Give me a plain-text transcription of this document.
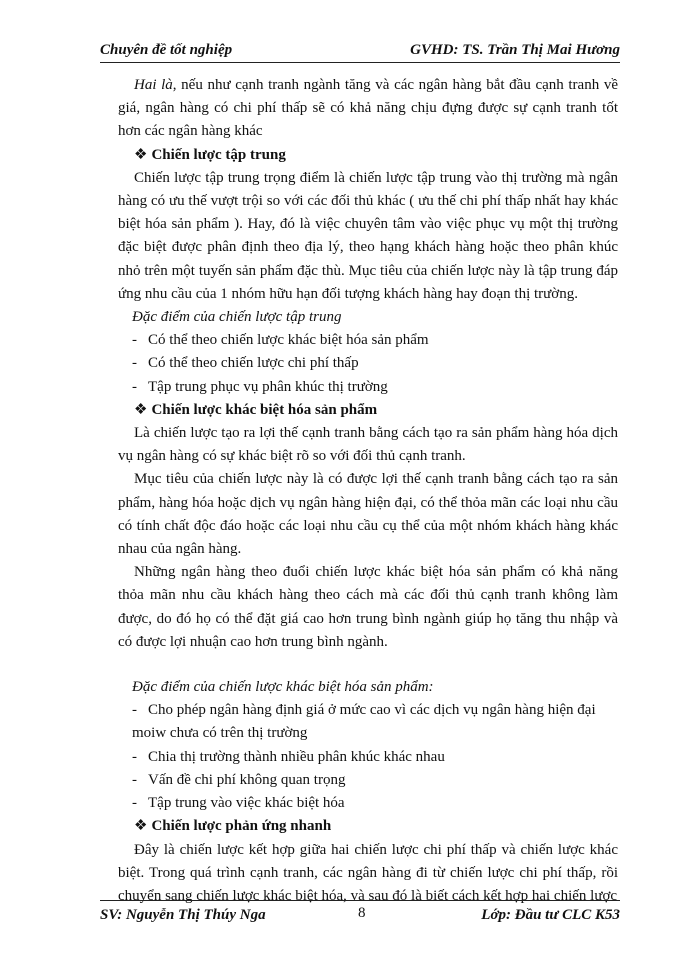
Chuyên đề tốt nghiệp	GVHD: TS. Trần Thị Mai Hương

Hai là, nếu như cạnh tranh ngành tăng và các ngân hàng bắt đầu cạnh tranh về giá, ngân hàng có chi phí thấp sẽ có khả năng chịu đựng được sự cạnh tranh tốt hơn các ngân hàng khác

❖ Chiến lược tập trung

Chiến lược tập trung trọng điểm là chiến lược tập trung vào thị trường mà ngân hàng có ưu thế vượt trội so với các đối thủ khác ( ưu thế chi phí thấp nhất hay khác biệt hóa sản phẩm ). Hay, đó là việc chuyên tâm vào việc phục vụ một thị trường đặc biệt được phân định theo địa lý, theo hạng khách hàng hoặc theo phân khúc nhỏ trên một tuyến sản phẩm đặc thù. Mục tiêu của chiến lược này là tập trung đáp ứng nhu cầu của 1 nhóm hữu hạn đối tượng khách hàng hay đoạn thị trường.

Đặc điểm của chiến lược tập trung

- Có thể theo chiến lược khác biệt hóa sản phẩm

- Có thể theo chiến lược chi phí thấp

- Tập trung phục vụ phân khúc thị trường

❖ Chiến lược khác biệt hóa sản phẩm

Là chiến lược tạo ra lợi thế cạnh tranh bằng cách tạo ra sản phẩm hàng hóa dịch vụ ngân hàng có sự khác biệt rõ so với đối thủ cạnh tranh.

Mục tiêu của chiến lược này là có được lợi thế cạnh tranh bằng cách tạo ra sản phẩm, hàng hóa hoặc dịch vụ ngân hàng hiện đại, có thể thỏa mãn các loại nhu cầu có tính chất độc đáo hoặc các loại nhu cầu cụ thể của một nhóm khách hàng khác nhau của ngân hàng.

Những ngân hàng theo đuổi chiến lược khác biệt hóa sản phẩm có khả năng thỏa mãn nhu cầu khách hàng theo cách mà các đối thủ cạnh tranh không làm được, do đó họ có thể đặt giá cao hơn trung bình ngành giúp họ tăng thu nhập và có được lợi nhuận cao hơn trung bình ngành.

Đặc điểm của chiến lược khác biệt hóa sản phẩm:

- Cho phép ngân hàng định giá ở mức cao vì các dịch vụ ngân hàng hiện đại moiw chưa có trên thị trường

- Chia thị trường thành nhiều phân khúc khác nhau

- Vấn đề chi phí không quan trọng

- Tập trung vào việc khác biệt hóa

❖ Chiến lược phản ứng nhanh

Đây là chiến lược kết hợp giữa hai chiến lược chi phí thấp và chiến lược khác biệt. Trong quá trình cạnh tranh, các ngân hàng đi từ chiến lược chi phí thấp, rồi chuyển sang chiến lược khác biệt hóa, và sau đó là biết cách kết hợp hai chiến lược

SV: Nguyễn Thị Thúy Nga	8	Lớp: Đầu tư CLC K53
